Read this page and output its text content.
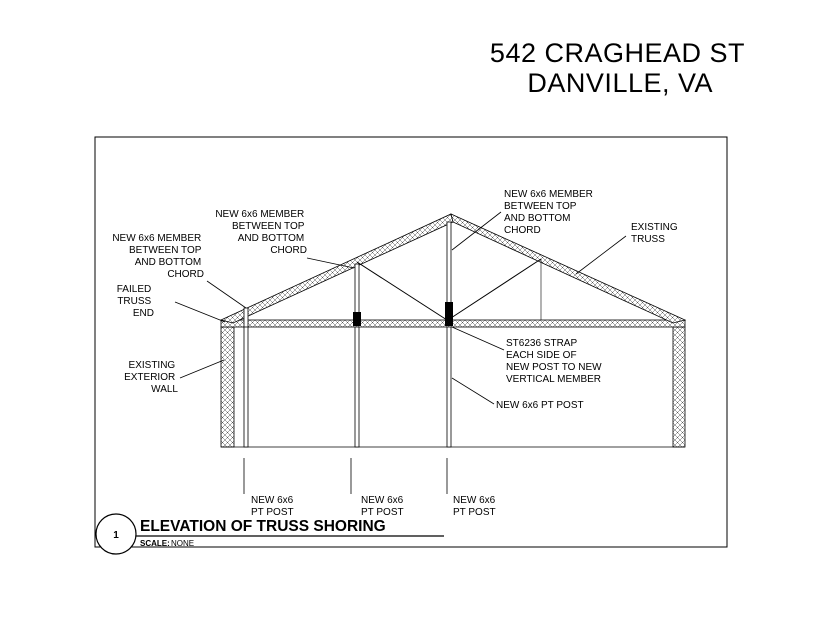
542 CRAGHEAD ST
DANVILLE, VA
NEW 6x6 MEMBER BETWEEN TOP AND BOTTOM CHORD
NEW 6x6 MEMBER BETWEEN TOP AND BOTTOM CHORD
NEW 6x6 MEMBER BETWEEN TOP AND BOTTOM CHORD	EXISTING TRUSS
FAILED TRUSS END
EXISTING EXTERIOR WALL
ST6236 STRAP EACH SIDE OF NEW POST TO NEW VERTICAL MEMBER
NEW 6x6 PT POST
NEW 6x6 PT POST
NEW 6x6 PT POST
NEW 6x6 PT POST
1
ELEVATION OF TRUSS SHORING
SCALE: NONE
